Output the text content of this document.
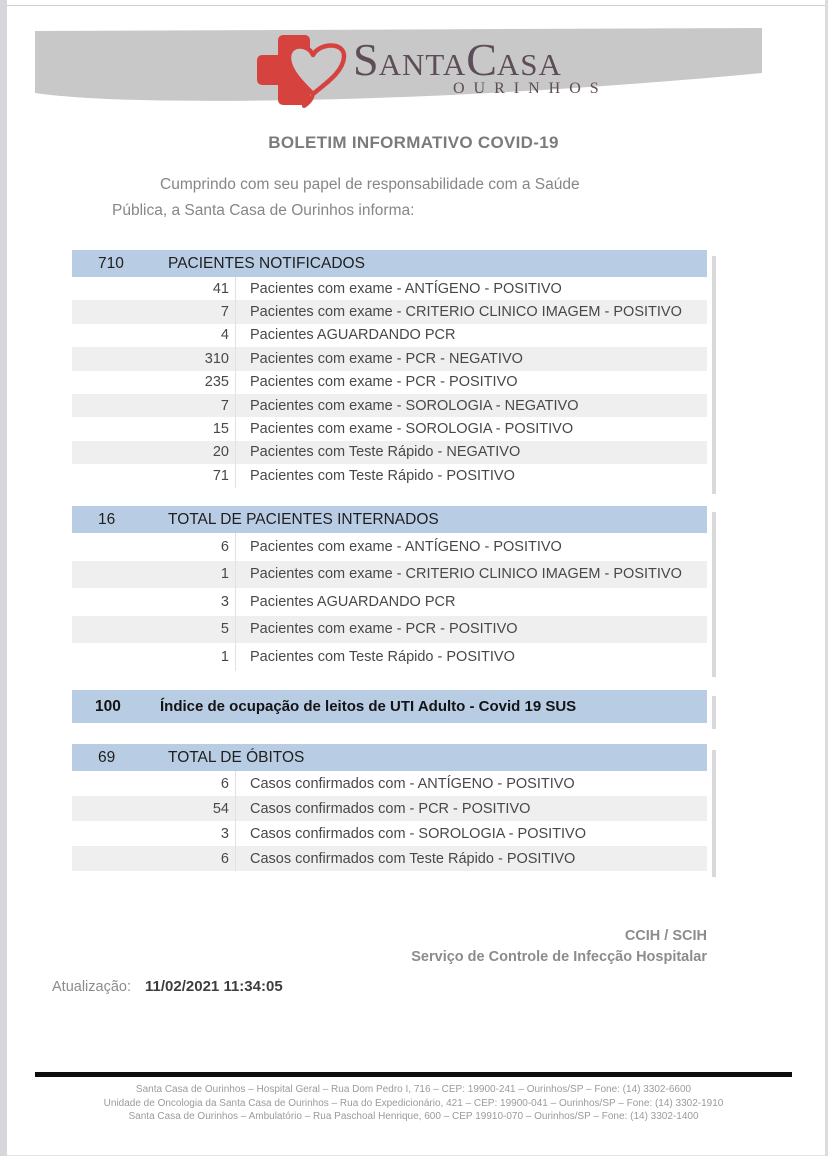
SANTACASA
OURINHOS
BOLETIM INFORMATIVO COVID-19
Cumprindo com seu papel de responsabilidade com a Saúde
Pública, a Santa Casa de Ourinhos informa:
710	PACIENTES NOTIFICADOS
41	Pacientes com exame - ANTÍGENO - POSITIVO
7	Pacientes com exame - CRITERIO CLINICO IMAGEM - POSITIVO
4	Pacientes AGUARDANDO PCR
310	Pacientes com exame - PCR - NEGATIVO
235	Pacientes com exame - PCR - POSITIVO
7	Pacientes com exame - SOROLOGIA - NEGATIVO
15	Pacientes com exame - SOROLOGIA - POSITIVO
20	Pacientes com Teste Rápido - NEGATIVO
71	Pacientes com Teste Rápido - POSITIVO
16	TOTAL DE PACIENTES INTERNADOS
6	Pacientes com exame - ANTÍGENO - POSITIVO
1	Pacientes com exame - CRITERIO CLINICO IMAGEM - POSITIVO
3	Pacientes AGUARDANDO PCR
5	Pacientes com exame - PCR - POSITIVO
1	Pacientes com Teste Rápido - POSITIVO
100	Índice de ocupação de leitos de UTI Adulto - Covid 19 SUS
69	TOTAL DE ÓBITOS
6	Casos confirmados com - ANTÍGENO - POSITIVO
54	Casos confirmados com - PCR - POSITIVO
3	Casos confirmados com - SOROLOGIA - POSITIVO
6	Casos confirmados com Teste Rápido - POSITIVO
CCIH / SCIH
Serviço de Controle de Infecção Hospitalar
Atualização: 11/02/2021 11:34:05
Santa Casa de Ourinhos – Hospital Geral – Rua Dom Pedro I, 716 – CEP: 19900-241 – Ourinhos/SP – Fone: (14) 3302-6600
Unidade de Oncologia da Santa Casa de Ourinhos – Rua do Expedicionário, 421 – CEP: 19900-041 – Ourinhos/SP – Fone: (14) 3302-1910
Santa Casa de Ourinhos – Ambulatório – Rua Paschoal Henrique, 600 – CEP 19910-070 – Ourinhos/SP – Fone: (14) 3302-1400
